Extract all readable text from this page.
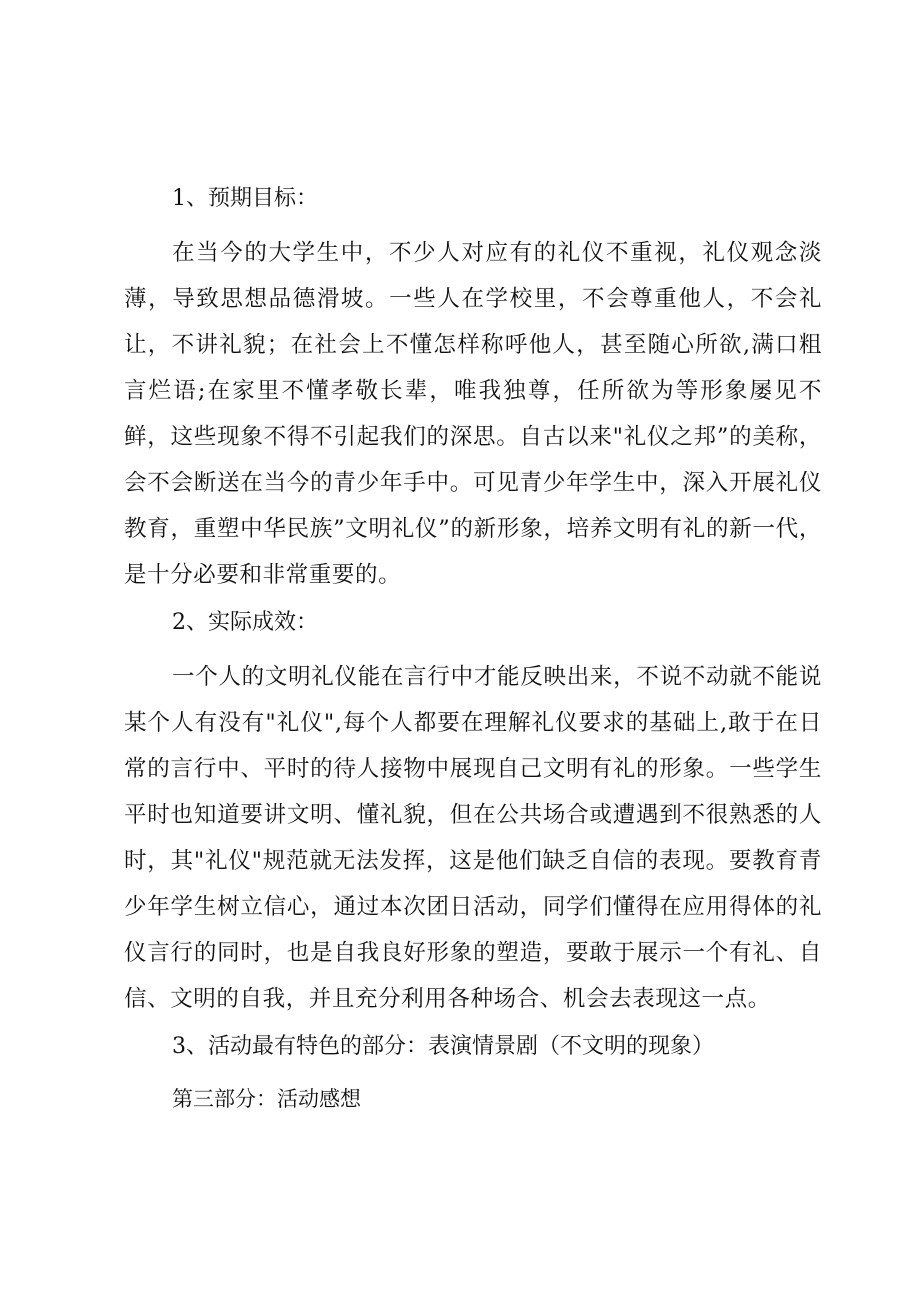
1、预期目标：

在当今的大学生中，不少人对应有的礼仪不重视，礼仪观念淡薄，导致思想品德滑坡。一些人在学校里，不会尊重他人，不会礼让，不讲礼貌；在社会上不懂怎样称呼他人，甚至随心所欲,满口粗言烂语;在家里不懂孝敬长辈，唯我独尊，任所欲为等形象屡见不鲜，这些现象不得不引起我们的深思。自古以来"礼仪之邦”的美称，会不会断送在当今的青少年手中。可见青少年学生中，深入开展礼仪教育，重塑中华民族”文明礼仪”的新形象，培养文明有礼的新一代，是十分必要和非常重要的。

2、实际成效：

一个人的文明礼仪能在言行中才能反映出来，不说不动就不能说某个人有没有"礼仪",每个人都要在理解礼仪要求的基础上,敢于在日常的言行中、平时的待人接物中展现自己文明有礼的形象。一些学生平时也知道要讲文明、懂礼貌，但在公共场合或遭遇到不很熟悉的人时，其"礼仪"规范就无法发挥，这是他们缺乏自信的表现。要教育青少年学生树立信心，通过本次团日活动，同学们懂得在应用得体的礼仪言行的同时，也是自我良好形象的塑造，要敢于展示一个有礼、自信、文明的自我，并且充分利用各种场合、机会去表现这一点。

3、活动最有特色的部分：表演情景剧（不文明的现象）

第三部分：活动感想
